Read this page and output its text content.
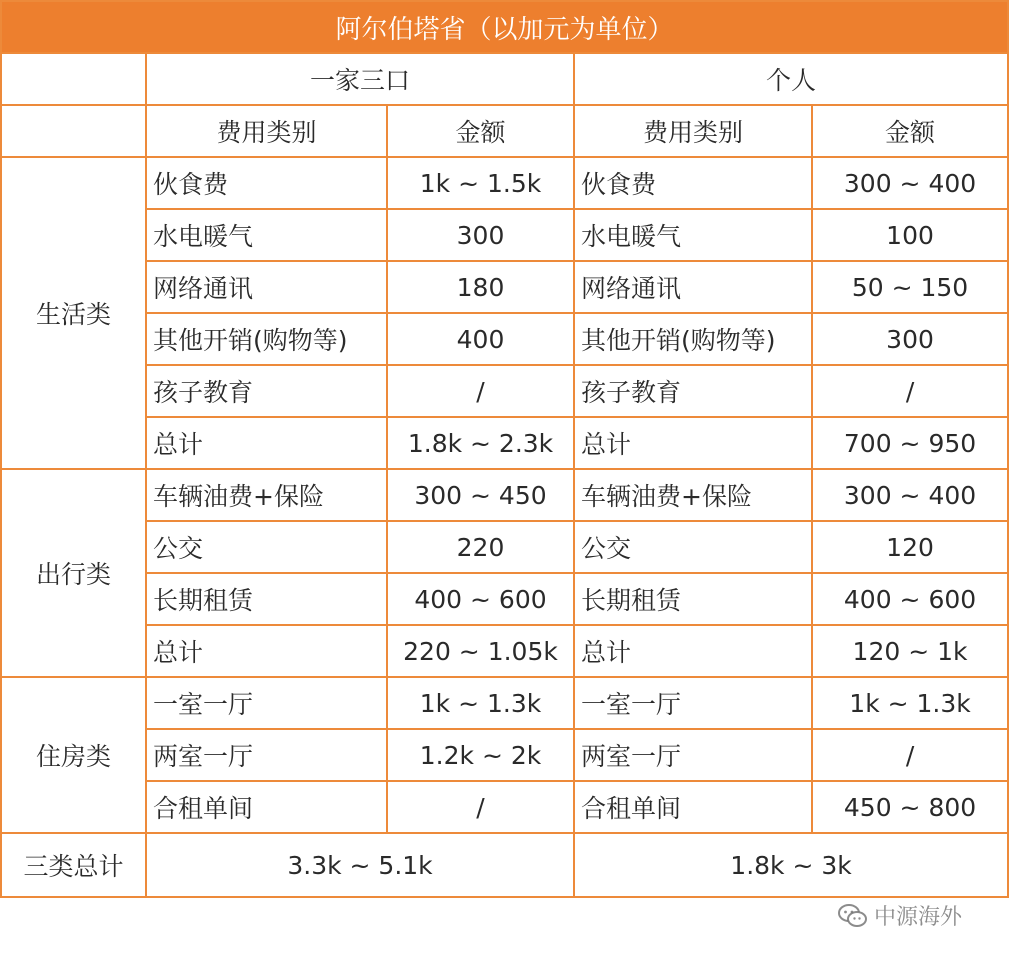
阿尔伯塔省（以加元为单位）				
	一家三口		个人	
	费用类别	金额	费用类别	金额
生活类	伙食费	1k ~ 1.5k	伙食费	300 ~ 400
	水电暖气	300	水电暖气	100
	网络通讯	180	网络通讯	50 ~ 150
	其他开销(购物等)	400	其他开销(购物等)	300
	孩子教育	/	孩子教育	/
	总计	1.8k ~ 2.3k	总计	700 ~ 950
出行类	车辆油费+保险	300 ~ 450	车辆油费+保险	300 ~ 400
	公交	220	公交	120
	长期租赁	400 ~ 600	长期租赁	400 ~ 600
	总计	220 ~ 1.05k	总计	120 ~ 1k
住房类	一室一厅	1k ~ 1.3k	一室一厅	1k ~ 1.3k
	两室一厅	1.2k ~ 2k	两室一厅	/
	合租单间	/	合租单间	450 ~ 800
三类总计	3.3k ~ 5.1k		1.8k ~ 3k	
中源海外
